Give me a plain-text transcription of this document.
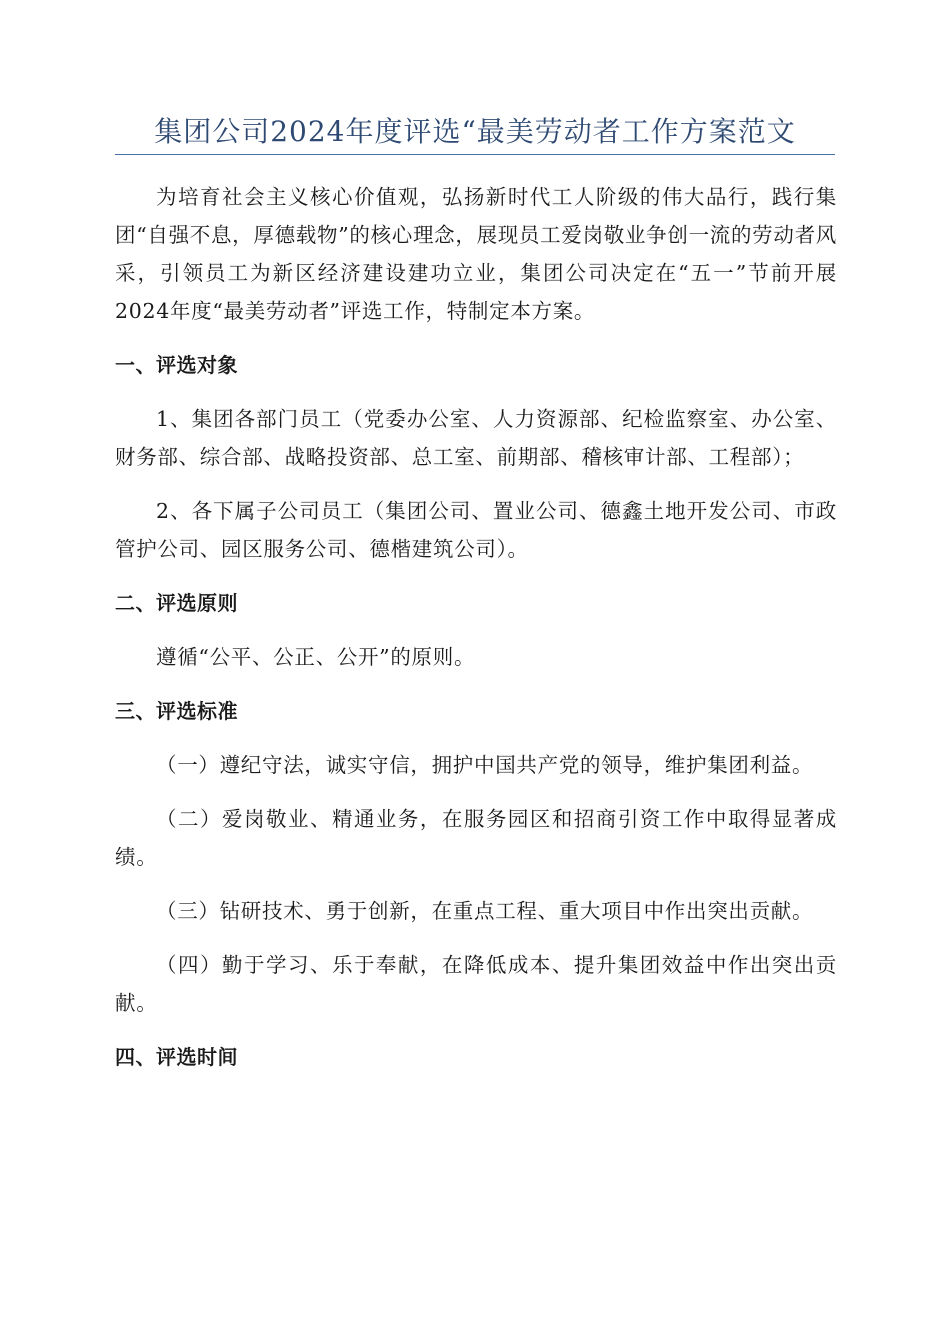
集团公司2024年度评选“最美劳动者工作方案范文

为培育社会主义核心价值观，弘扬新时代工人阶级的伟大品行，践行集团“自强不息，厚德载物”的核心理念，展现员工爱岗敬业争创一流的劳动者风采，引领员工为新区经济建设建功立业，集团公司决定在“五一”节前开展2024年度“最美劳动者”评选工作，特制定本方案。

一、评选对象

1、集团各部门员工（党委办公室、人力资源部、纪检监察室、办公室、财务部、综合部、战略投资部、总工室、前期部、稽核审计部、工程部）；

2、各下属子公司员工（集团公司、置业公司、德鑫土地开发公司、市政管护公司、园区服务公司、德楷建筑公司）。

二、评选原则

遵循“公平、公正、公开”的原则。

三、评选标准

（一）遵纪守法，诚实守信，拥护中国共产党的领导，维护集团利益。

（二）爱岗敬业、精通业务，在服务园区和招商引资工作中取得显著成绩。

（三）钻研技术、勇于创新，在重点工程、重大项目中作出突出贡献。

（四）勤于学习、乐于奉献，在降低成本、提升集团效益中作出突出贡献。

四、评选时间
